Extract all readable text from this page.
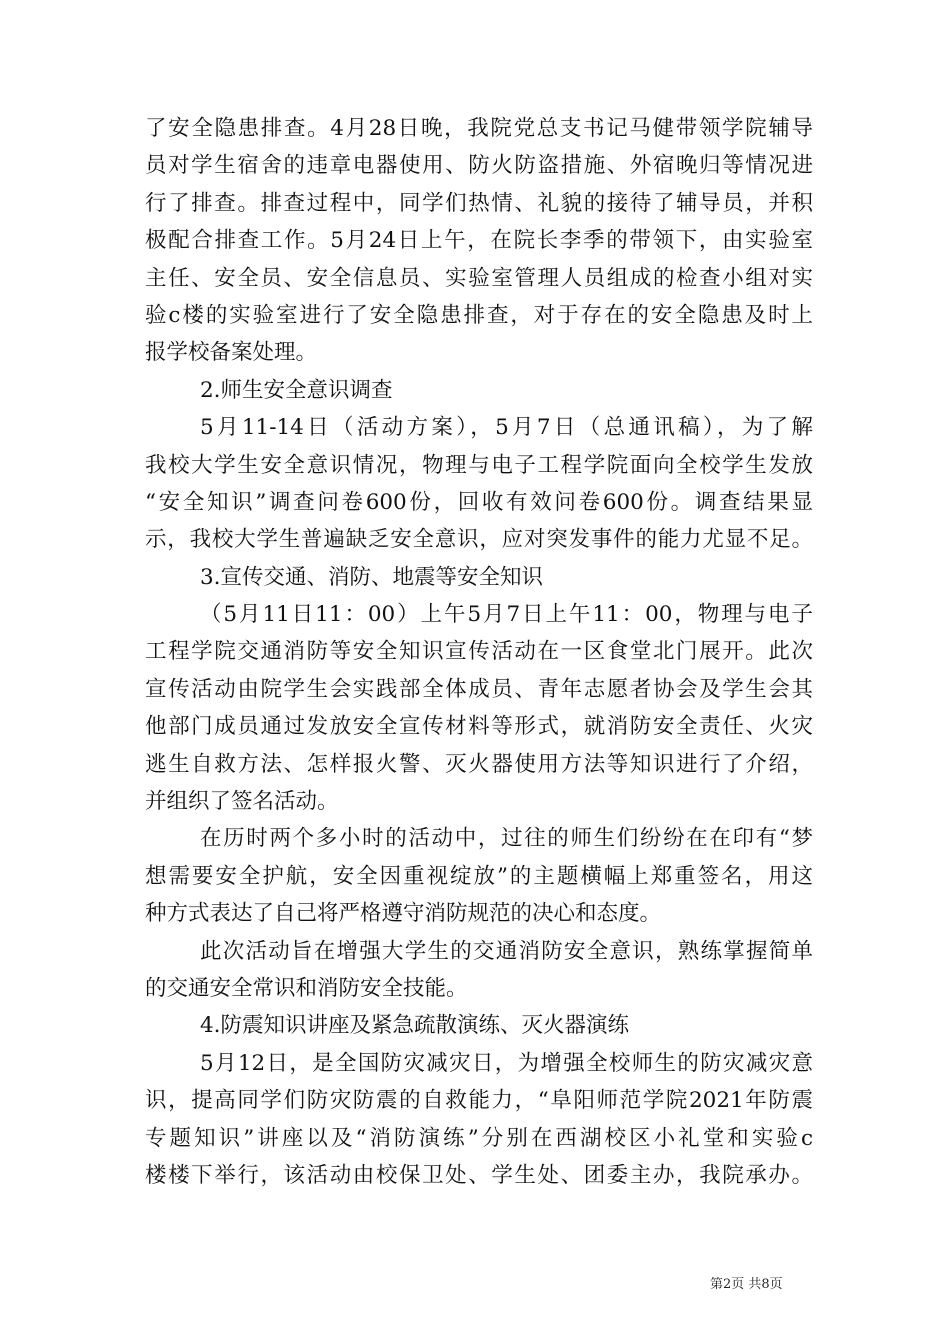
了安全隐患排查。4月28日晚，我院党总支书记马健带领学院辅导
员对学生宿舍的违章电器使用、防火防盗措施、外宿晚归等情况进
行了排查。排查过程中，同学们热情、礼貌的接待了辅导员，并积
极配合排查工作。5月24日上午，在院长李季的带领下，由实验室
主任、安全员、安全信息员、实验室管理人员组成的检查小组对实
验c楼的实验室进行了安全隐患排查，对于存在的安全隐患及时上
报学校备案处理。
2.师生安全意识调查
5月11-14日（活动方案），5月7日（总通讯稿），为了解
我校大学生安全意识情况，物理与电子工程学院面向全校学生发放
“安全知识”调查问卷600份，回收有效问卷600份。调查结果显
示，我校大学生普遍缺乏安全意识，应对突发事件的能力尤显不足。
3.宣传交通、消防、地震等安全知识
（5月11日11：00）上午5月7日上午11：00，物理与电子
工程学院交通消防等安全知识宣传活动在一区食堂北门展开。此次
宣传活动由院学生会实践部全体成员、青年志愿者协会及学生会其
他部门成员通过发放安全宣传材料等形式，就消防安全责任、火灾
逃生自救方法、怎样报火警、灭火器使用方法等知识进行了介绍，
并组织了签名活动。
在历时两个多小时的活动中，过往的师生们纷纷在在印有“梦
想需要安全护航，安全因重视绽放”的主题横幅上郑重签名，用这
种方式表达了自己将严格遵守消防规范的决心和态度。
此次活动旨在增强大学生的交通消防安全意识，熟练掌握简单
的交通安全常识和消防安全技能。
4.防震知识讲座及紧急疏散演练、灭火器演练
5月12日，是全国防灾减灾日，为增强全校师生的防灾减灾意
识，提高同学们防灾防震的自救能力，“阜阳师范学院2021年防震
专题知识”讲座以及“消防演练”分别在西湖校区小礼堂和实验c
楼楼下举行，该活动由校保卫处、学生处、团委主办，我院承办。
第2页 共8页
